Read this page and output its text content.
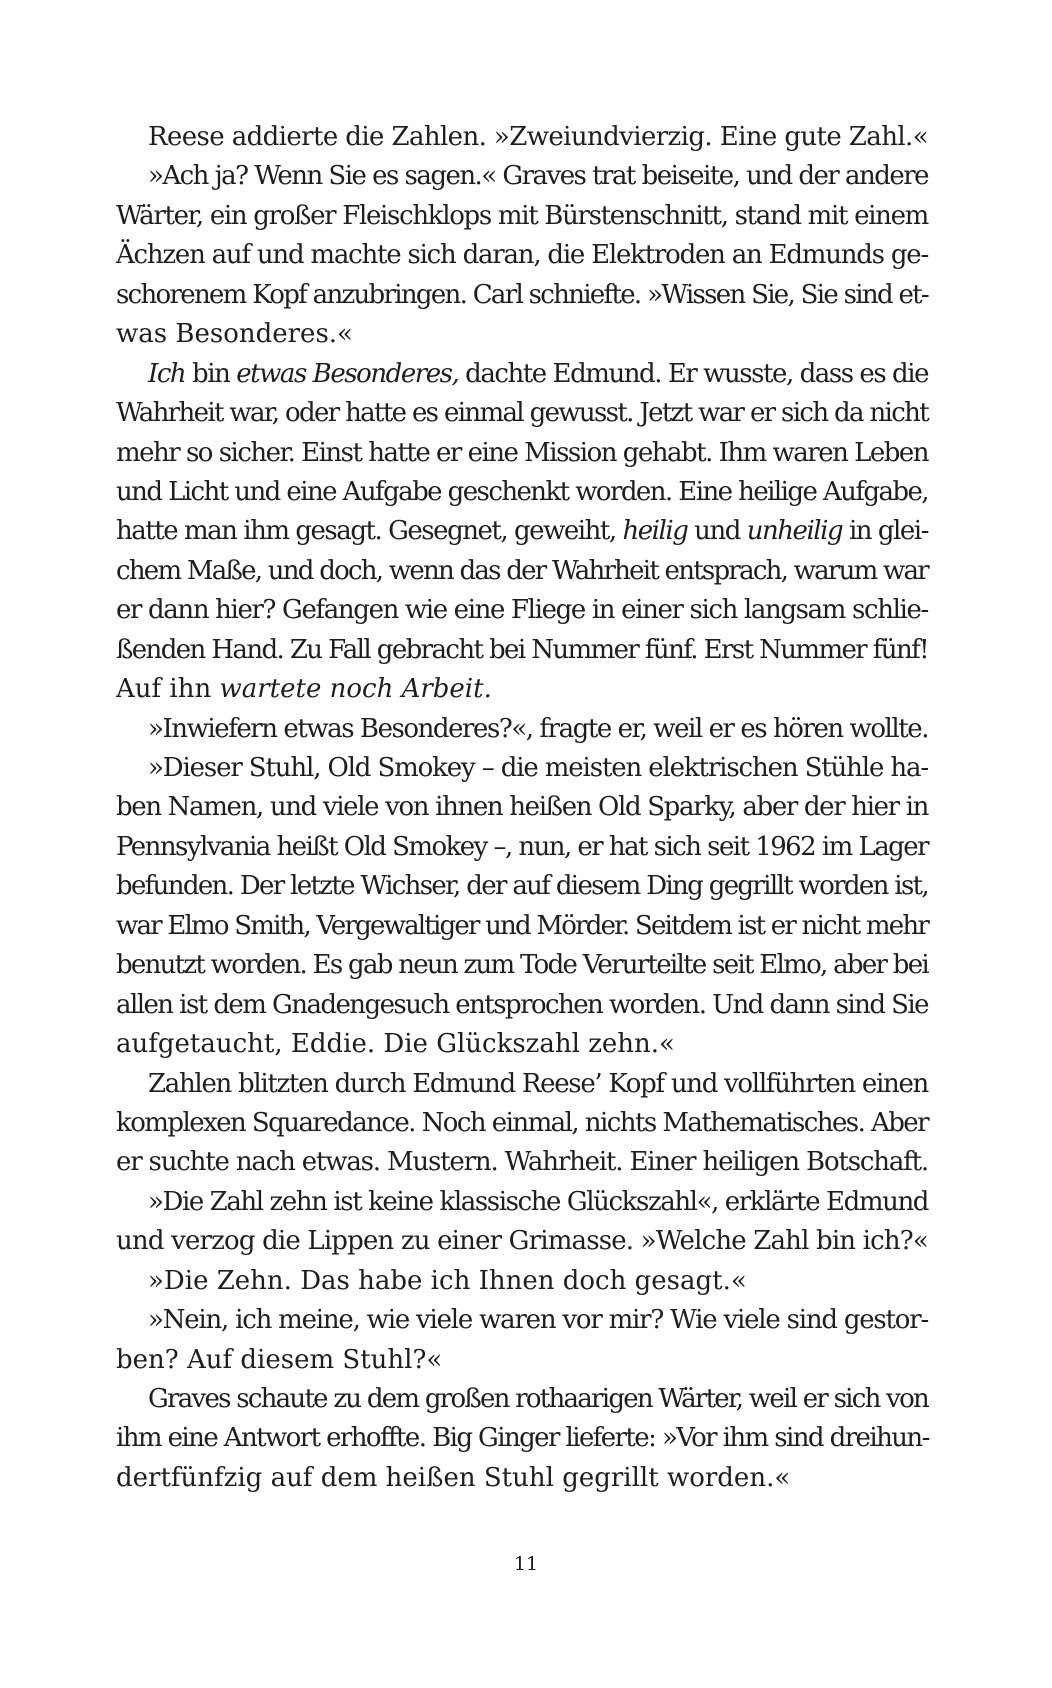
Reese addierte die Zahlen. »Zweiundvierzig. Eine gute Zahl.«
»Ach ja? Wenn Sie es sagen.« Graves trat beiseite, und der andere
Wärter, ein großer Fleischklops mit Bürstenschnitt, stand mit einem
Ächzen auf und machte sich daran, die Elektroden an Edmunds ge-
schorenem Kopf anzubringen. Carl schniefte. »Wissen Sie, Sie sind et-
was Besonderes.«
Ich bin etwas Besonderes, dachte Edmund. Er wusste, dass es die
Wahrheit war, oder hatte es einmal gewusst. Jetzt war er sich da nicht
mehr so sicher. Einst hatte er eine Mission gehabt. Ihm waren Leben
und Licht und eine Aufgabe geschenkt worden. Eine heilige Aufgabe,
hatte man ihm gesagt. Gesegnet, geweiht, heilig und unheilig in glei-
chem Maße, und doch, wenn das der Wahrheit entsprach, warum war
er dann hier? Gefangen wie eine Fliege in einer sich langsam schlie-
ßenden Hand. Zu Fall gebracht bei Nummer fünf. Erst Nummer fünf!
Auf ihn wartete noch Arbeit.
»Inwiefern etwas Besonderes?«, fragte er, weil er es hören wollte.
»Dieser Stuhl, Old Smokey – die meisten elektrischen Stühle ha-
ben Namen, und viele von ihnen heißen Old Sparky, aber der hier in
Pennsylvania heißt Old Smokey –, nun, er hat sich seit 1962 im Lager
befunden. Der letzte Wichser, der auf diesem Ding gegrillt worden ist,
war Elmo Smith, Vergewaltiger und Mörder. Seitdem ist er nicht mehr
benutzt worden. Es gab neun zum Tode Verurteilte seit Elmo, aber bei
allen ist dem Gnadengesuch entsprochen worden. Und dann sind Sie
aufgetaucht, Eddie. Die Glückszahl zehn.«
Zahlen blitzten durch Edmund Reese’ Kopf und vollführten einen
komplexen Squaredance. Noch einmal, nichts Mathematisches. Aber
er suchte nach etwas. Mustern. Wahrheit. Einer heiligen Botschaft.
»Die Zahl zehn ist keine klassische Glückszahl«, erklärte Edmund
und verzog die Lippen zu einer Grimasse. »Welche Zahl bin ich?«
»Die Zehn. Das habe ich Ihnen doch gesagt.«
»Nein, ich meine, wie viele waren vor mir? Wie viele sind gestor-
ben? Auf diesem Stuhl?«
Graves schaute zu dem großen rothaarigen Wärter, weil er sich von
ihm eine Antwort erhoffte. Big Ginger lieferte: »Vor ihm sind dreihun-
dertfünfzig auf dem heißen Stuhl gegrillt worden.«
11
